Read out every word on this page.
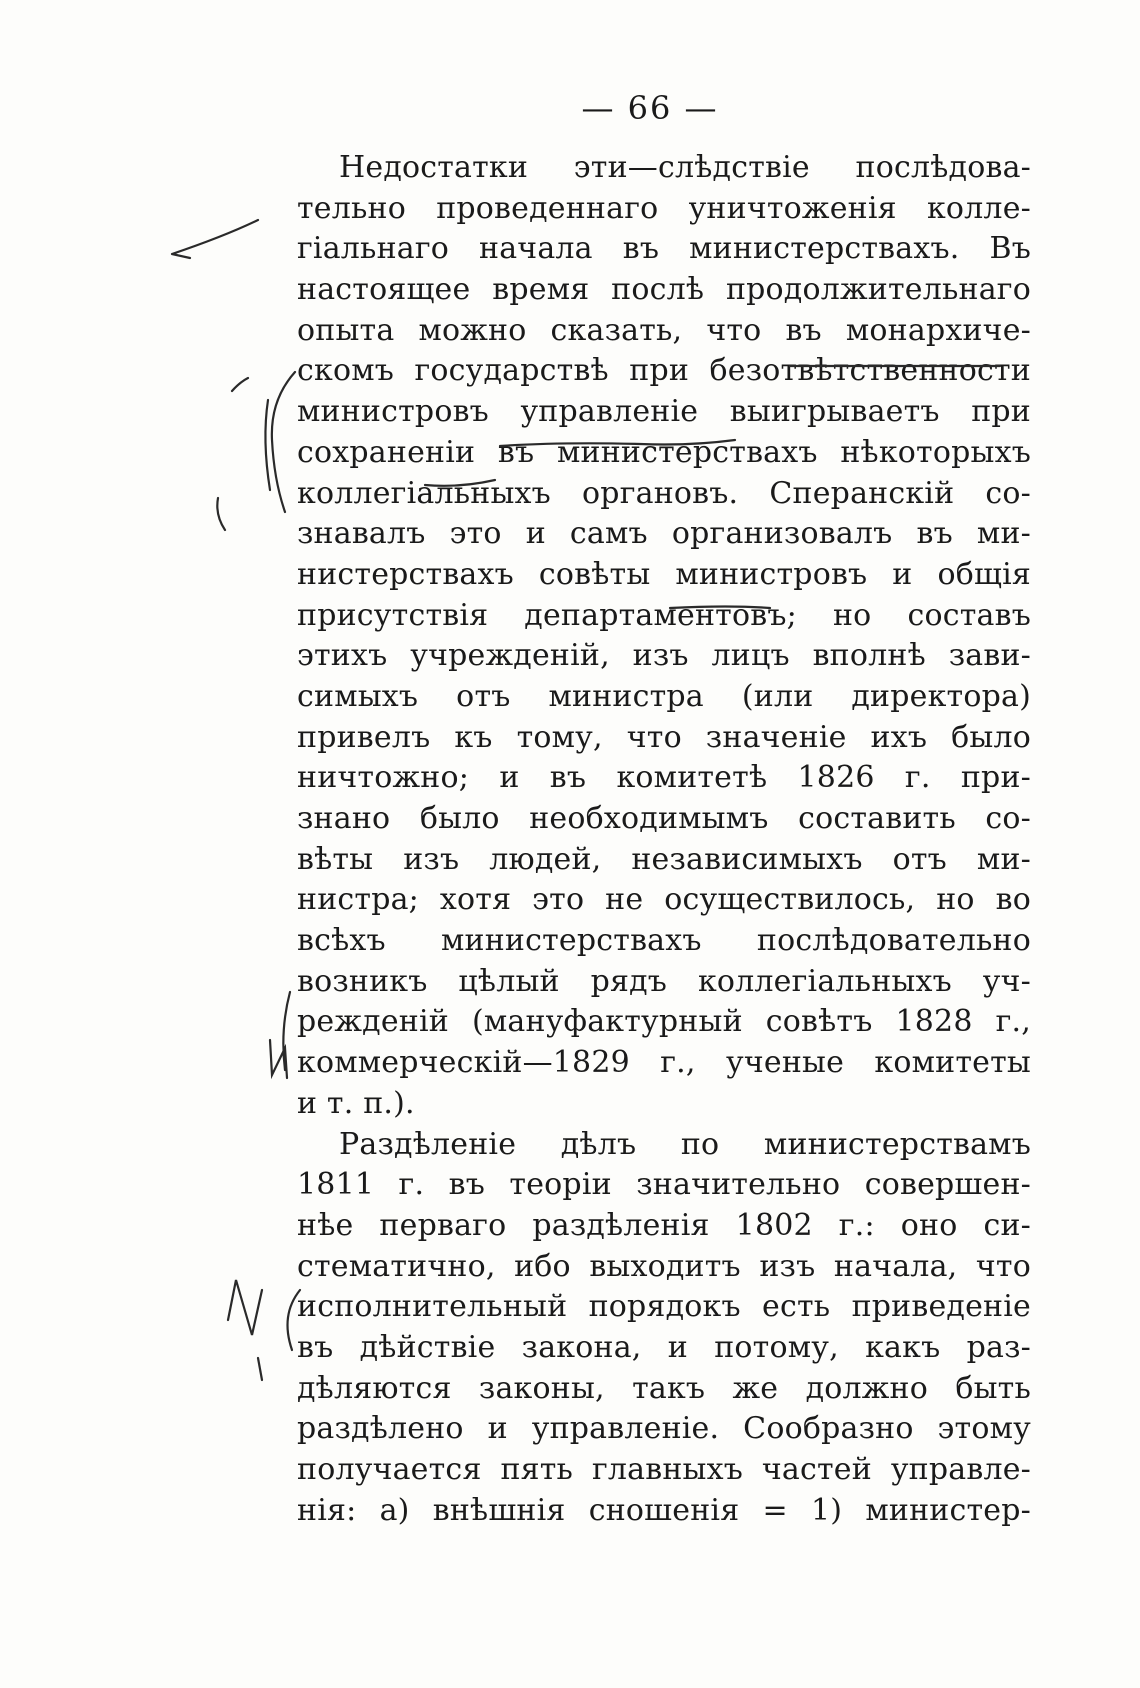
— 66 —
Недостатки эти—слѣдствіе послѣдова-
тельно проведеннаго уничтоженія колле-
гіальнаго начала въ министерствахъ. Въ
настоящее время послѣ продолжительнаго
опыта можно сказать, что въ монархиче-
скомъ государствѣ при безотвѣтственности
министровъ управленіе выигрываетъ при
сохраненіи въ министерствахъ нѣкоторыхъ
коллегіальныхъ органовъ. Сперанскій со-
знавалъ это и самъ организовалъ въ ми-
нистерствахъ совѣты министровъ и общія
присутствія департаментовъ; но составъ
этихъ учрежденій, изъ лицъ вполнѣ зави-
симыхъ отъ министра (или директора)
привелъ къ тому, что значеніе ихъ было
ничтожно; и въ комитетѣ 1826 г. при-
знано было необходимымъ составить со-
вѣты изъ людей, независимыхъ отъ ми-
нистра; хотя это не осуществилось, но во
всѣхъ министерствахъ послѣдовательно
возникъ цѣлый рядъ коллегіальныхъ уч-
режденій (мануфактурный совѣтъ 1828 г.,
коммерческій—1829 г., ученые комитеты
и т. п.).
Раздѣленіе дѣлъ по министерствамъ
1811 г. въ теоріи значительно совершен-
нѣе перваго раздѣленія 1802 г.: оно си-
стематично, ибо выходитъ изъ начала, что
исполнительный порядокъ есть приведеніе
въ дѣйствіе закона, и потому, какъ раз-
дѣляются законы, такъ же должно быть
раздѣлено и управленіе. Сообразно этому
получается пять главныхъ частей управле-
нія: а) внѣшнія сношенія = 1) министер-
